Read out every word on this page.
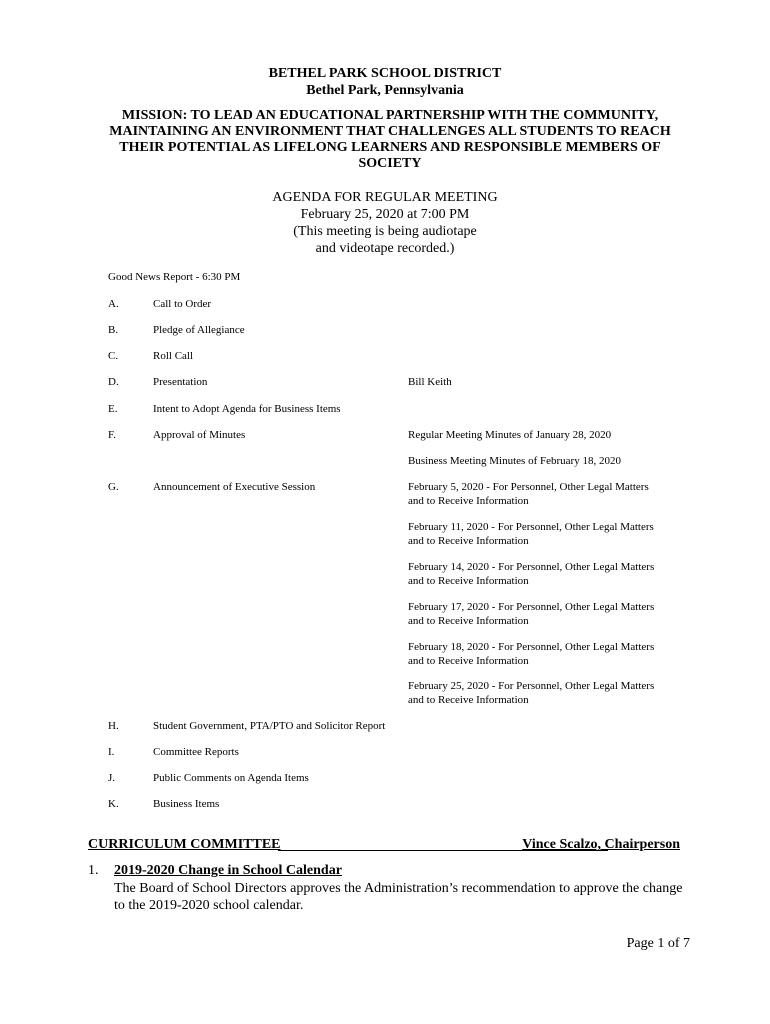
BETHEL PARK SCHOOL DISTRICT
Bethel Park, Pennsylvania
MISSION: TO LEAD AN EDUCATIONAL PARTNERSHIP WITH THE COMMUNITY, MAINTAINING AN ENVIRONMENT THAT CHALLENGES ALL STUDENTS TO REACH THEIR POTENTIAL AS LIFELONG LEARNERS AND RESPONSIBLE MEMBERS OF SOCIETY
AGENDA FOR REGULAR MEETING
February 25, 2020 at 7:00 PM
(This meeting is being audiotape
and videotape recorded.)
Good News Report - 6:30 PM
A.	Call to Order
B.	Pledge of Allegiance
C.	Roll Call
D.	Presentation	Bill Keith
E.	Intent to Adopt Agenda for Business Items
F.	Approval of Minutes	Regular Meeting Minutes of January 28, 2020
Business Meeting Minutes of February 18, 2020
G.	Announcement of Executive Session	February 5, 2020 - For Personnel, Other Legal Matters
and to Receive Information
February 11, 2020 - For Personnel, Other Legal Matters
and to Receive Information
February 14, 2020 - For Personnel, Other Legal Matters
and to Receive Information
February 17, 2020 - For Personnel, Other Legal Matters
and to Receive Information
February 18, 2020 - For Personnel, Other Legal Matters
and to Receive Information
February 25, 2020 - For Personnel, Other Legal Matters
and to Receive Information
H.	Student Government, PTA/PTO and Solicitor Report
I.	Committee Reports
J.	Public Comments on Agenda Items
K.	Business Items
CURRICULUM COMMITTEE	Vince Scalzo, Chairperson
1. 2019-2020 Change in School Calendar
The Board of School Directors approves the Administration’s recommendation to approve the change to the 2019-2020 school calendar.
Page 1 of 7
